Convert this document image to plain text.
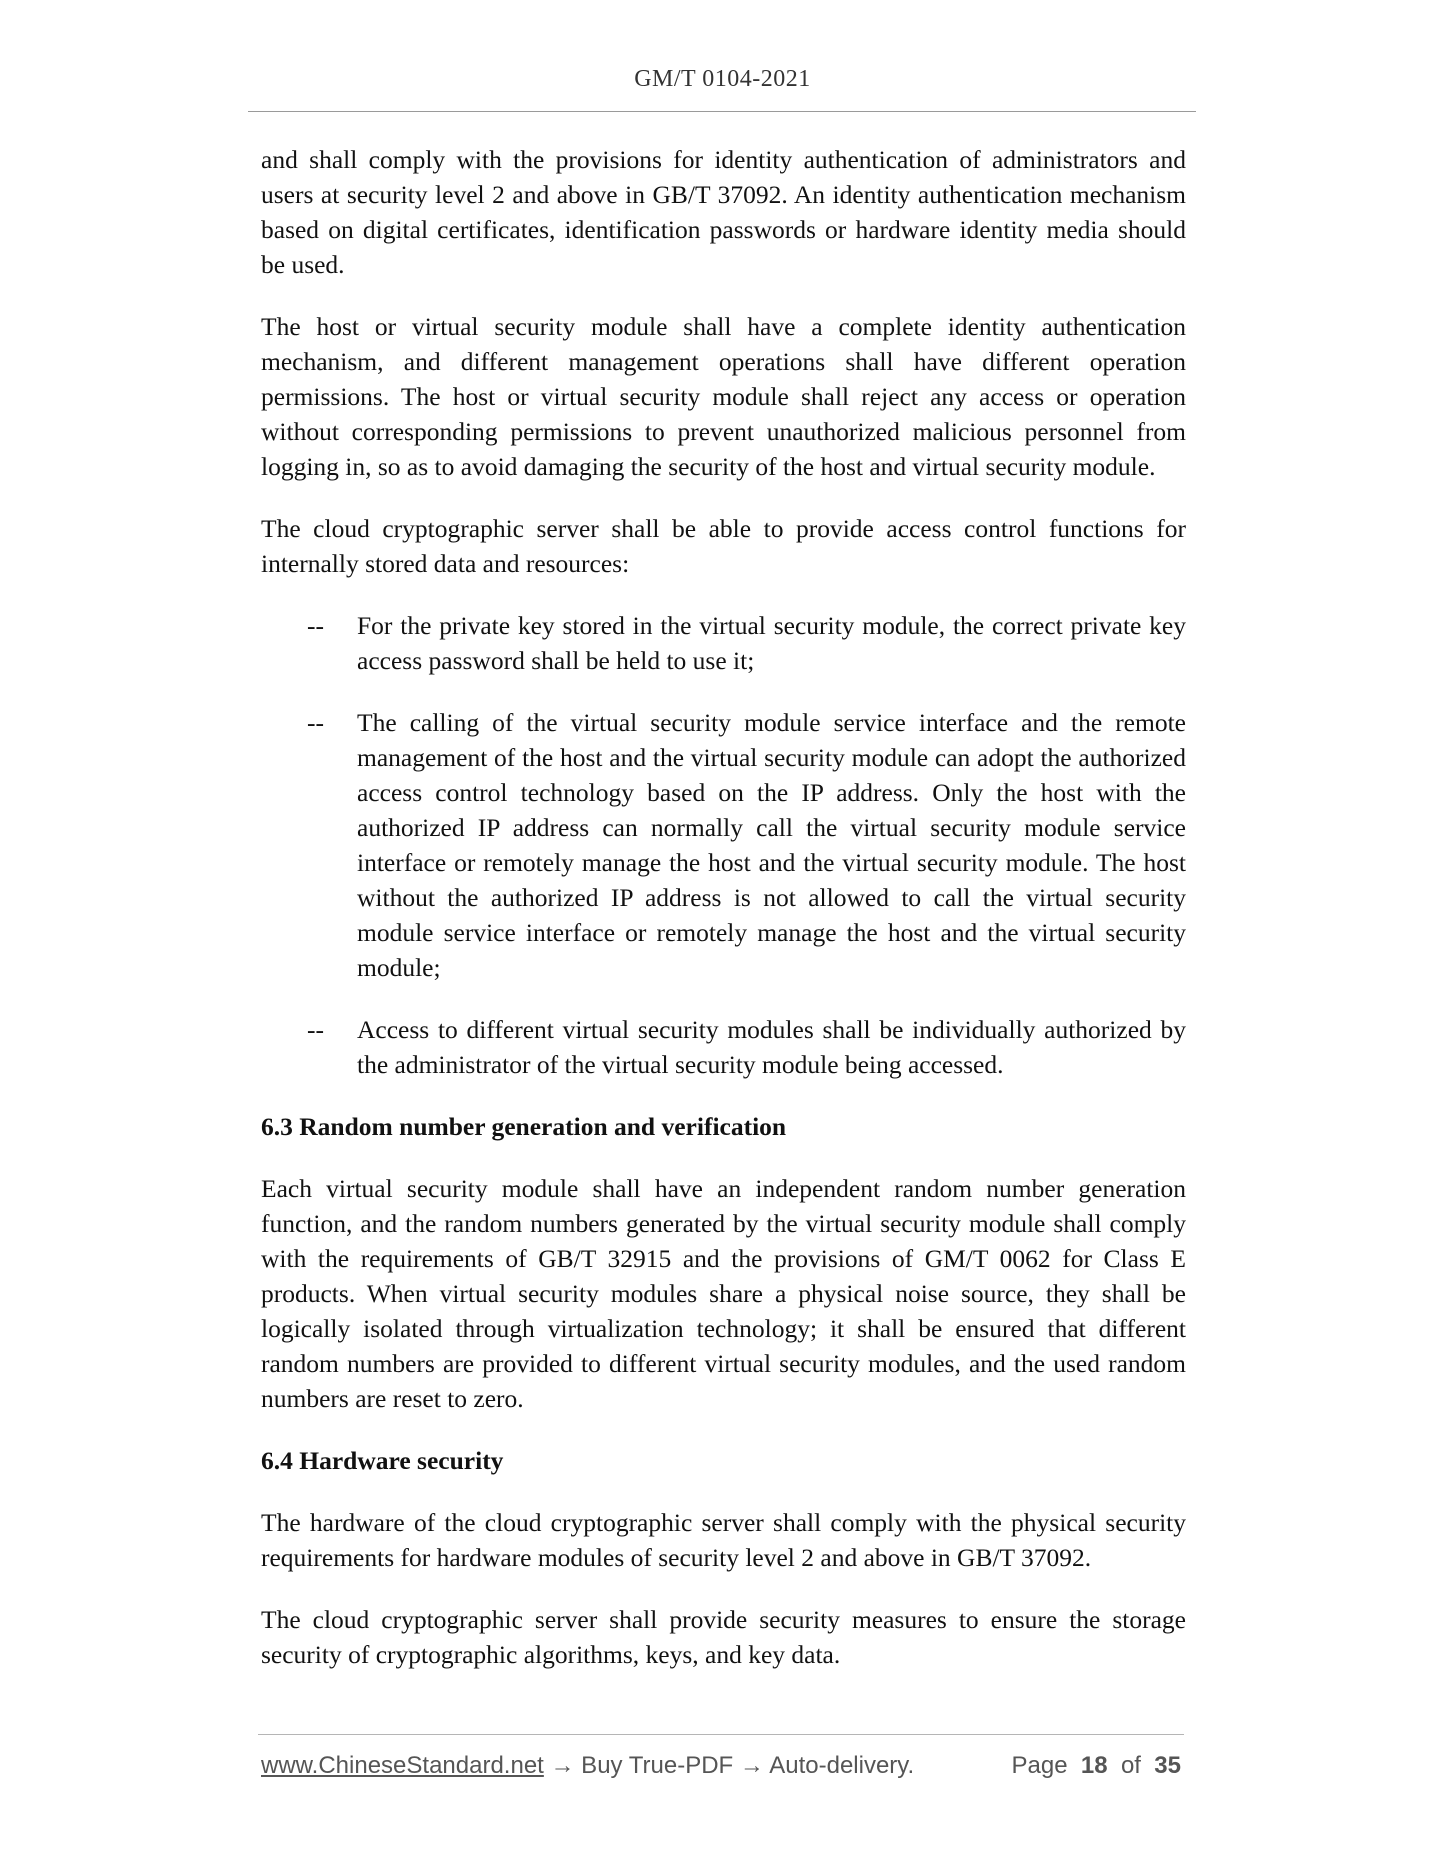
GM/T 0104-2021

and shall comply with the provisions for identity authentication of administrators and users at security level 2 and above in GB/T 37092. An identity authentication mechanism based on digital certificates, identification passwords or hardware identity media should be used.

The host or virtual security module shall have a complete identity authentication mechanism, and different management operations shall have different operation permissions. The host or virtual security module shall reject any access or operation without corresponding permissions to prevent unauthorized malicious personnel from logging in, so as to avoid damaging the security of the host and virtual security module.

The cloud cryptographic server shall be able to provide access control functions for internally stored data and resources:

--	For the private key stored in the virtual security module, the correct private key access password shall be held to use it;
--	The calling of the virtual security module service interface and the remote management of the host and the virtual security module can adopt the authorized access control technology based on the IP address. Only the host with the authorized IP address can normally call the virtual security module service interface or remotely manage the host and the virtual security module. The host without the authorized IP address is not allowed to call the virtual security module service interface or remotely manage the host and the virtual security module;
--	Access to different virtual security modules shall be individually authorized by the administrator of the virtual security module being accessed.
6.3 Random number generation and verification

Each virtual security module shall have an independent random number generation function, and the random numbers generated by the virtual security module shall comply with the requirements of GB/T 32915 and the provisions of GM/T 0062 for Class E products. When virtual security modules share a physical noise source, they shall be logically isolated through virtualization technology; it shall be ensured that different random numbers are provided to different virtual security modules, and the used random numbers are reset to zero.

6.4 Hardware security

The hardware of the cloud cryptographic server shall comply with the physical security requirements for hardware modules of security level 2 and above in GB/T 37092.

The cloud cryptographic server shall provide security measures to ensure the storage security of cryptographic algorithms, keys, and key data.

www.ChineseStandard.net → Buy True-PDF → Auto-delivery.	Page 18 of 35
